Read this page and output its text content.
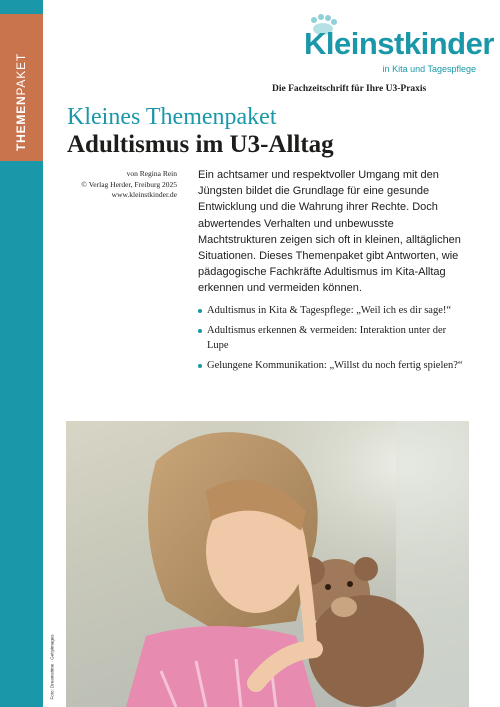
THEMENPAKET
Kleinstkinder
in Kita und Tagespflege
Die Fachzeitschrift für Ihre U3-Praxis
Kleines Themenpaket
Adultismus im U3-Alltag
von Regina Rein
© Verlag Herder, Freiburg 2025
www.kleinstkinder.de

Ein achtsamer und respektvoller Umgang mit den Jüngsten bildet die Grundlage für eine gesunde Entwicklung und die Wahrung ihrer Rechte. Doch abwertendes Verhalten und unbewusste Machtstrukturen zeigen sich oft in kleinen, alltäglichen Situationen. Dieses Themenpaket gibt Antworten, wie pädagogische Fachkräfte Adultismus im Kita-Alltag erkennen und vermeiden können.

Adultismus in Kita & Tagespflege: „Weil ich es dir sage!“
Adultismus erkennen & vermeiden: Interaktion unter der Lupe
Gelungene Kommunikation: „Willst du noch fertig spielen?“
Foto: Dreamstime · Gettyimages
